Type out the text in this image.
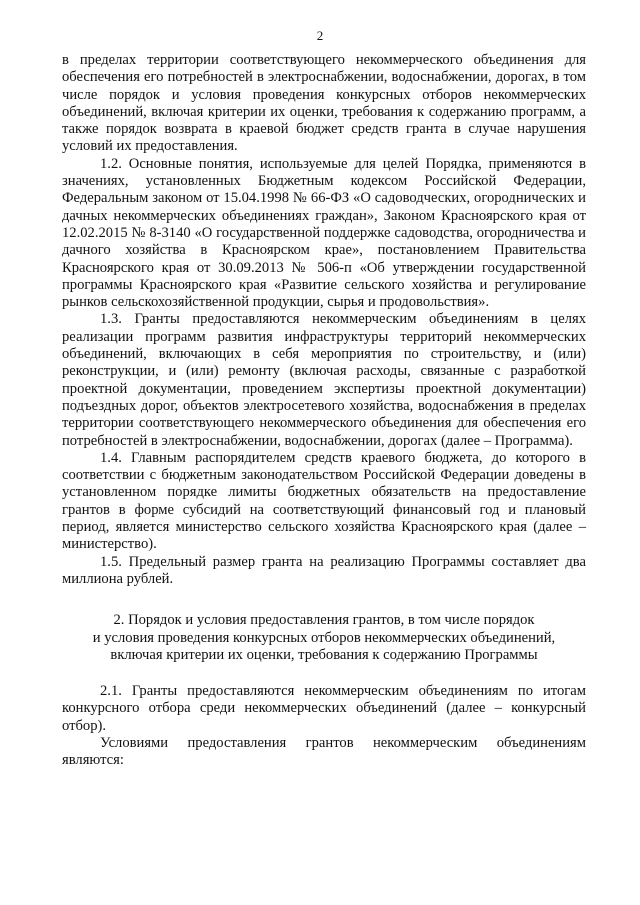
2

в пределах территории соответствующего некоммерческого объединения для обеспечения его потребностей в электроснабжении, водоснабжении, дорогах, в том числе порядок и условия проведения конкурсных отборов некоммерческих объединений, включая критерии их оценки, требования к содержанию программ, а также порядок возврата в краевой бюджет средств гранта в случае нарушения условий их предоставления.

1.2. Основные понятия, используемые для целей Порядка, применяются в значениях, установленных Бюджетным кодексом Российской Федерации, Федеральным законом от 15.04.1998 № 66-ФЗ «О садоводческих, огороднических и дачных некоммерческих объединениях граждан», Законом Красноярского края от 12.02.2015 № 8-3140 «О государственной поддержке садоводства, огородничества и дачного хозяйства в Красноярском крае», постановлением Правительства Красноярского края от 30.09.2013 № 506-п «Об утверждении государственной программы Красноярского края «Развитие сельского хозяйства и регулирование рынков сельскохозяйственной продукции, сырья и продовольствия».

1.3. Гранты предоставляются некоммерческим объединениям в целях реализации программ развития инфраструктуры территорий некоммерческих объединений, включающих в себя мероприятия по строительству, и (или) реконструкции, и (или) ремонту (включая расходы, связанные с разработкой проектной документации, проведением экспертизы проектной документации) подъездных дорог, объектов электросетевого хозяйства, водоснабжения в пределах территории соответствующего некоммерческого объединения для обеспечения его потребностей в электроснабжении, водоснабжении, дорогах (далее – Программа).

1.4. Главным распорядителем средств краевого бюджета, до которого в соответствии с бюджетным законодательством Российской Федерации доведены в установленном порядке лимиты бюджетных обязательств на предоставление грантов в форме субсидий на соответствующий финансовый год и плановый период, является министерство сельского хозяйства Красноярского края (далее – министерство).

1.5. Предельный размер гранта на реализацию Программы составляет два миллиона рублей.

2. Порядок и условия предоставления грантов, в том числе порядок
и условия проведения конкурсных отборов некоммерческих объединений,
включая критерии их оценки, требования к содержанию Программы

2.1. Гранты предоставляются некоммерческим объединениям по итогам конкурсного отбора среди некоммерческих объединений (далее – конкурсный отбор).

Условиями предоставления грантов некоммерческим объединениям являются:
